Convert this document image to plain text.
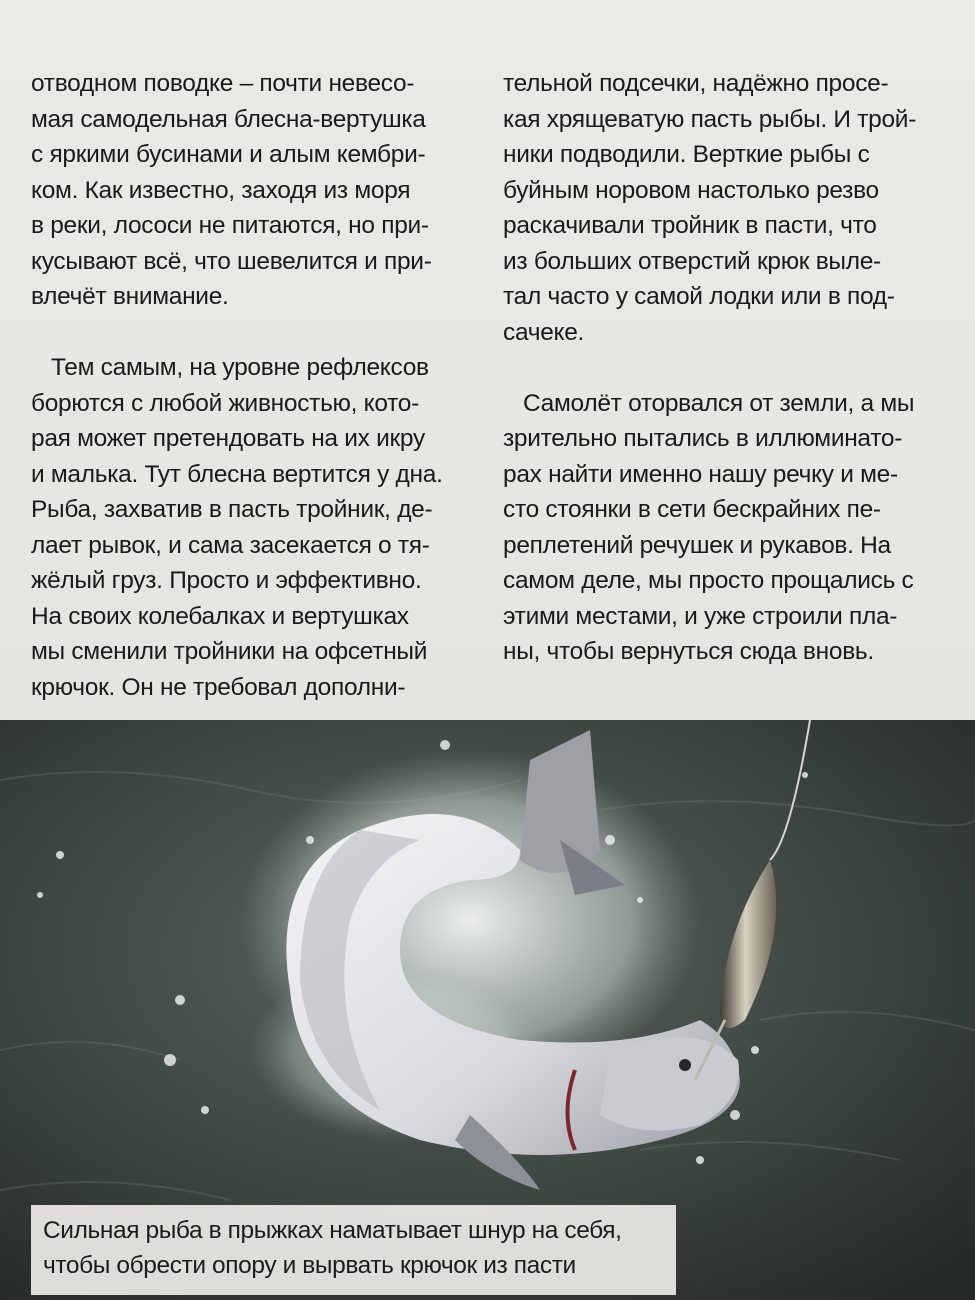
отводном поводке – почти невесо-
мая самодельная блесна-вертушка
с яркими бусинами и алым кембри-
ком. Как известно, заходя из моря
в реки, лососи не питаются, но при-
кусывают всё, что шевелится и при-
влечёт внимание.

Тем самым, на уровне рефлексов
борются с любой живностью, кото-
рая может претендовать на их икру
и малька. Тут блесна вертится у дна.
Рыба, захватив в пасть тройник, де-
лает рывок, и сама засекается о тя-
жёлый груз. Просто и эффективно.
На своих колебалках и вертушках
мы сменили тройники на офсетный
крючок. Он не требовал дополни-

тельной подсечки, надёжно просе-
кая хрящеватую пасть рыбы. И трой-
ники подводили. Верткие рыбы с
буйным норовом настолько резво
раскачивали тройник в пасти, что
из больших отверстий крюк выле-
тал часто у самой лодки или в под-
сачеке.

Самолёт оторвался от земли, а мы
зрительно пытались в иллюминато-
рах найти именно нашу речку и ме-
сто стоянки в сети бескрайних пе-
реплетений речушек и рукавов. На
самом деле, мы просто прощались с
этими местами, и уже строили пла-
ны, чтобы вернуться сюда вновь.

Сильная рыба в прыжках наматывает шнур на себя,
чтобы обрести опору и вырвать крючок из пасти
